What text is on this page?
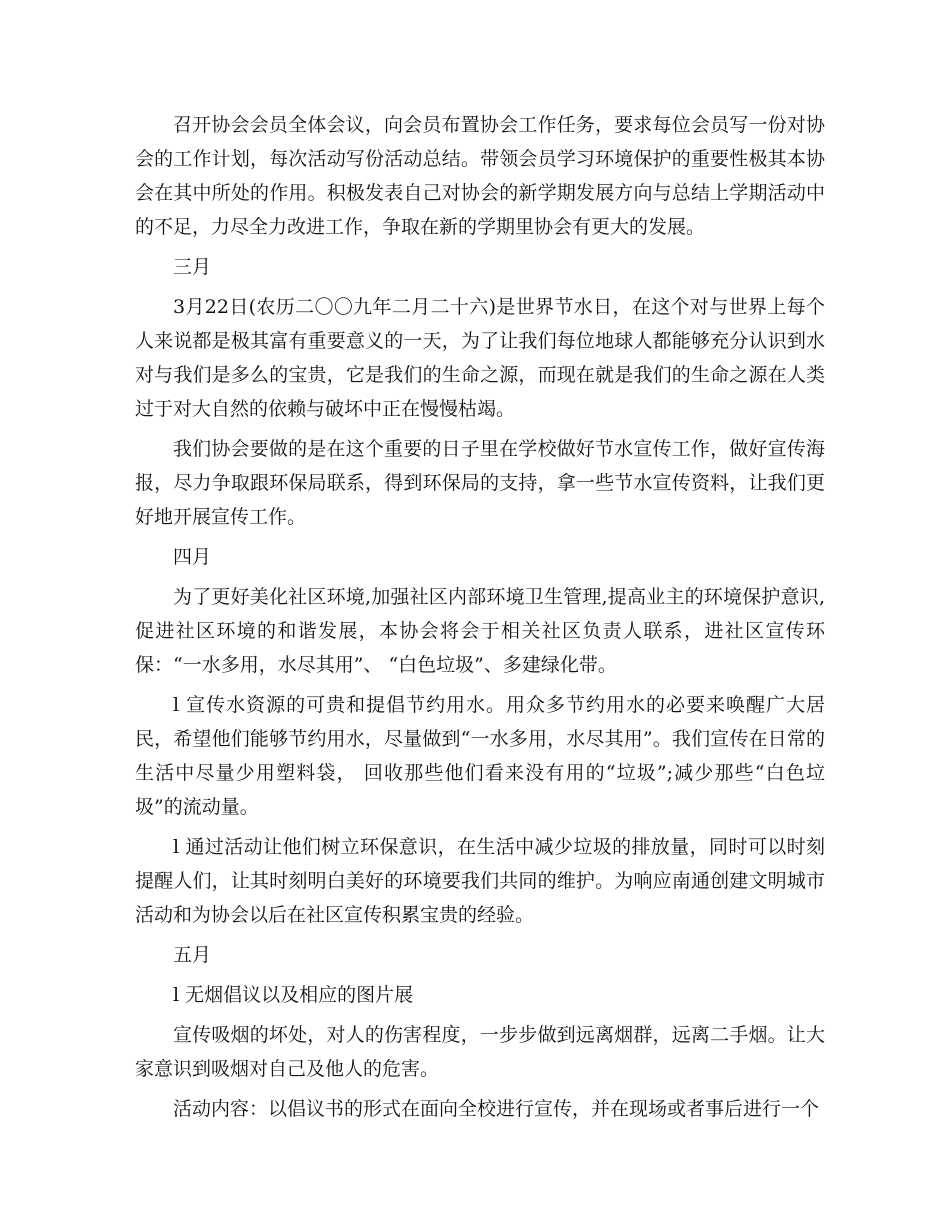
召开协会会员全体会议，向会员布置协会工作任务，要求每位会员写一份对协会的工作计划，每次活动写份活动总结。带领会员学习环境保护的重要性极其本协会在其中所处的作用。积极发表自己对协会的新学期发展方向与总结上学期活动中的不足，力尽全力改进工作，争取在新的学期里协会有更大的发展。

三月

3月22日(农历二〇〇九年二月二十六)是世界节水日，在这个对与世界上每个人来说都是极其富有重要意义的一天，为了让我们每位地球人都能够充分认识到水对与我们是多么的宝贵，它是我们的生命之源，而现在就是我们的生命之源在人类过于对大自然的依赖与破坏中正在慢慢枯竭。

我们协会要做的是在这个重要的日子里在学校做好节水宣传工作，做好宣传海报，尽力争取跟环保局联系，得到环保局的支持，拿一些节水宣传资料，让我们更好地开展宣传工作。

四月

为了更好美化社区环境,加强社区内部环境卫生管理,提高业主的环境保护意识,促进社区环境的和谐发展，本协会将会于相关社区负责人联系，进社区宣传环保：“一水多用，水尽其用”、 “白色垃圾”、多建绿化带。

l 宣传水资源的可贵和提倡节约用水。用众多节约用水的必要来唤醒广大居民，希望他们能够节约用水，尽量做到“一水多用，水尽其用”。我们宣传在日常的生活中尽量少用塑料袋， 回收那些他们看来没有用的“垃圾”;减少那些“白色垃圾”的流动量。

l 通过活动让他们树立环保意识，在生活中减少垃圾的排放量，同时可以时刻提醒人们，让其时刻明白美好的环境要我们共同的维护。为响应南通创建文明城市活动和为协会以后在社区宣传积累宝贵的经验。

五月

l 无烟倡议以及相应的图片展

宣传吸烟的坏处，对人的伤害程度，一步步做到远离烟群，远离二手烟。让大家意识到吸烟对自己及他人的危害。

活动内容：以倡议书的形式在面向全校进行宣传，并在现场或者事后进行一个
